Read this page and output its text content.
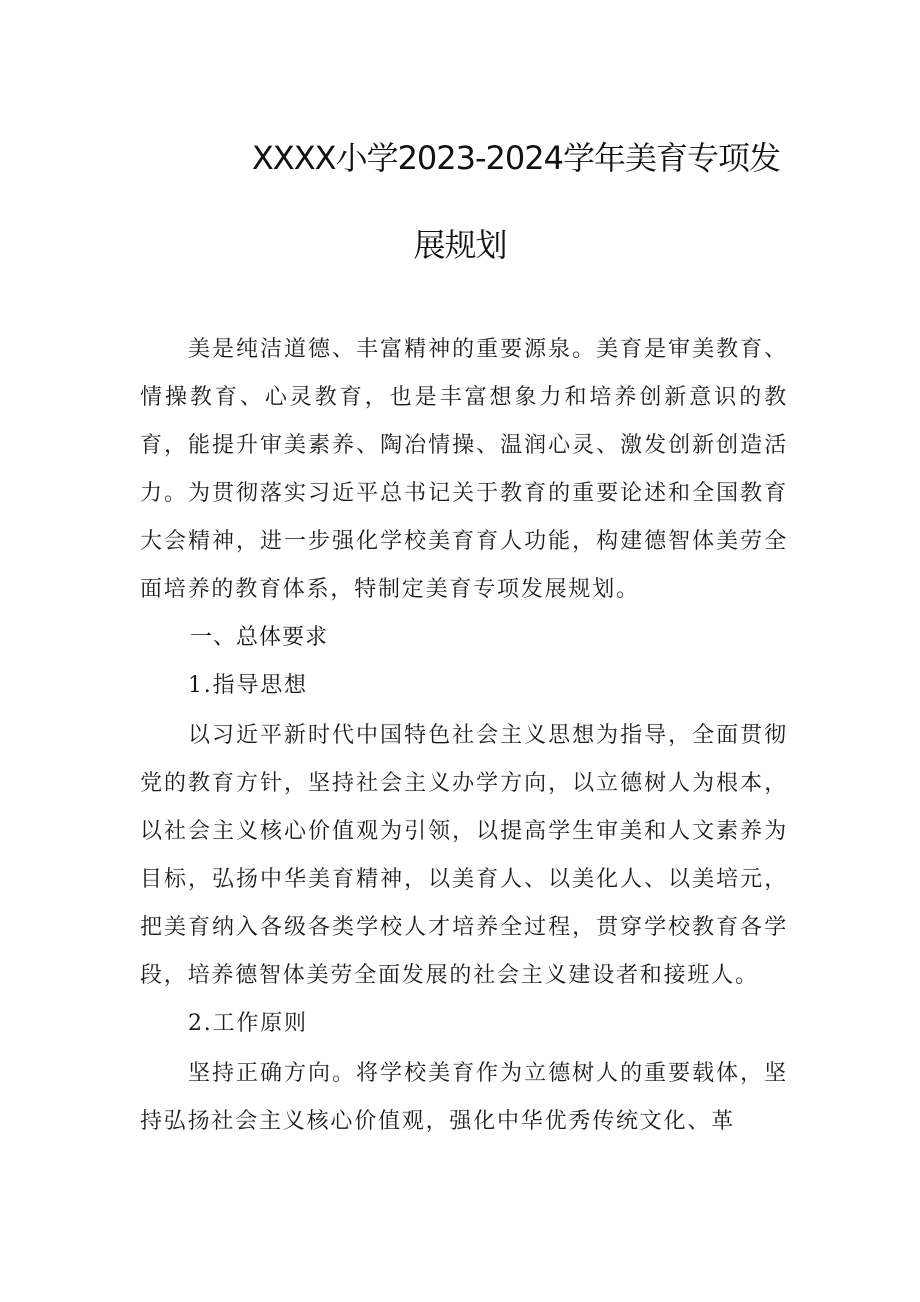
XXXX小学2023-2024学年美育专项发
展规划

美是纯洁道德、丰富精神的重要源泉。美育是审美教育、情操教育、心灵教育，也是丰富想象力和培养创新意识的教育，能提升审美素养、陶冶情操、温润心灵、激发创新创造活力。为贯彻落实习近平总书记关于教育的重要论述和全国教育大会精神，进一步强化学校美育育人功能，构建德智体美劳全面培养的教育体系，特制定美育专项发展规划。

一、总体要求

1.指导思想

以习近平新时代中国特色社会主义思想为指导，全面贯彻党的教育方针，坚持社会主义办学方向，以立德树人为根本，以社会主义核心价值观为引领，以提高学生审美和人文素养为目标，弘扬中华美育精神，以美育人、以美化人、以美培元，把美育纳入各级各类学校人才培养全过程，贯穿学校教育各学段，培养德智体美劳全面发展的社会主义建设者和接班人。

2.工作原则

坚持正确方向。将学校美育作为立德树人的重要载体，坚持弘扬社会主义核心价值观，强化中华优秀传统文化、革
